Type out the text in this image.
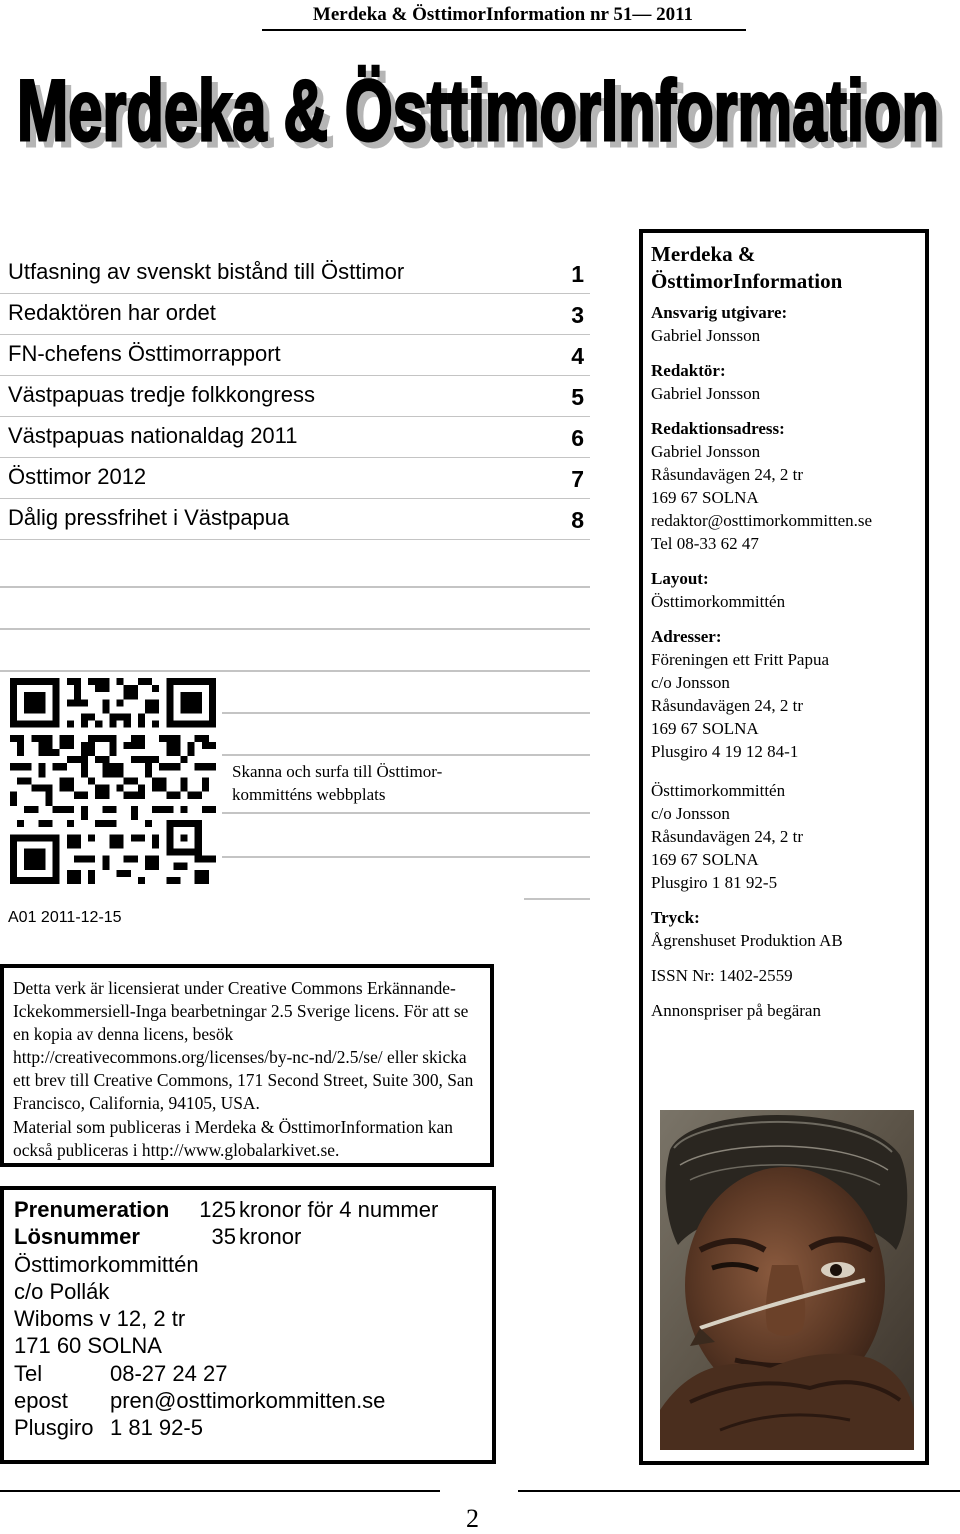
Merdeka & ÖsttimorInformation nr 51— 2011
Merdeka & ÖsttimorInformation
Merdeka & ÖsttimorInformation
Utfasning av svenskt bistånd till Östtimor	1
Redaktören har ordet	3
FN-chefens Östtimorrapport	4
Västpapuas tredje folkkongress	5
Västpapuas nationaldag 2011	6
Östtimor 2012	7
Dålig pressfrihet i Västpapua	8
Skanna och surfa till Östtimor-
kommitténs webbplats
A01 2011-12-15

Detta verk är licensierat under Creative Commons Erkännande-Ickekommersiell-Inga bearbetningar 2.5 Sverige licens. För att se en kopia av denna licens, besök http://creativecommons.org/licenses/by-nc-nd/2.5/se/ eller skicka ett brev till Creative Commons, 171 Second Street, Suite 300, San Francisco, California, 94105, USA.

Material som publiceras i Merdeka & ÖsttimorInformation kan också publiceras i http://www.globalarkivet.se.

Prenumeration 125 kronor för 4 nummer
Lösnummer	35 kronor
Östtimorkommittén
c/o Pollák
Wiboms v 12, 2 tr
171 60 SOLNA
Tel	08-27 24 27
epost pren@osttimorkommitten.se
Plusgiro 1 81 92-5
Merdeka &
ÖsttimorInformation
Ansvarig utgivare:
Gabriel Jonsson
Redaktör:
Gabriel Jonsson
Redaktionsadress:
Gabriel Jonsson
Råsundavägen 24, 2 tr
169 67 SOLNA
redaktor@osttimorkommitten.se
Tel 08-33 62 47
Layout:
Östtimorkommittén
Adresser:
Föreningen ett Fritt Papua
c/o Jonsson
Råsundavägen 24, 2 tr
169 67 SOLNA
Plusgiro 4 19 12 84-1
Östtimorkommittén
c/o Jonsson
Råsundavägen 24, 2 tr
169 67 SOLNA
Plusgiro 1 81 92-5
Tryck:
Ågrenshuset Produktion AB
ISSN Nr: 1402-2559
Annonspriser på begäran
2
